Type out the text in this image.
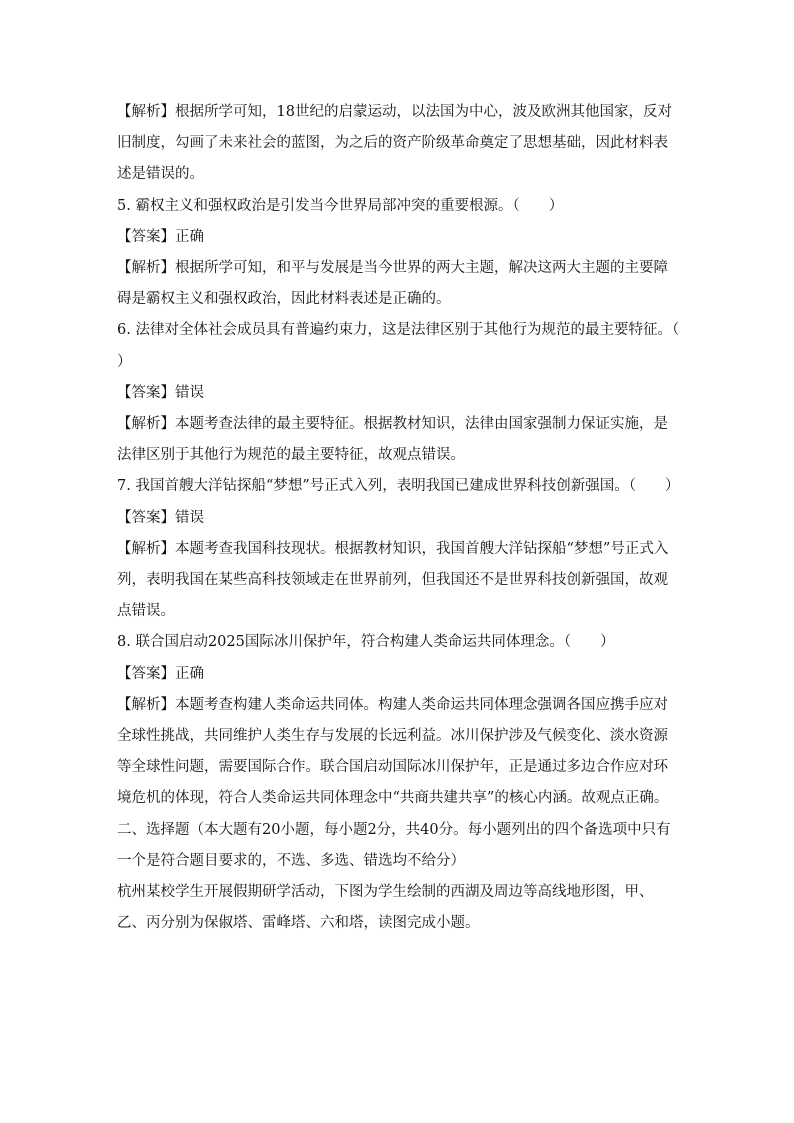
【解析】根据所学可知，18世纪的启蒙运动，以法国为中心，波及欧洲其他国家，反对旧制度，勾画了未来社会的蓝图，为之后的资产阶级革命奠定了思想基础，因此材料表述是错误的。

5. 霸权主义和强权政治是引发当今世界局部冲突的重要根源。（　　）

【答案】正确

【解析】根据所学可知，和平与发展是当今世界的两大主题，解决这两大主题的主要障碍是霸权主义和强权政治，因此材料表述是正确的。

6. 法律对全体社会成员具有普遍约束力，这是法律区别于其他行为规范的最主要特征。（　　）

【答案】错误

【解析】本题考查法律的最主要特征。根据教材知识，法律由国家强制力保证实施，是法律区别于其他行为规范的最主要特征，故观点错误。

7. 我国首艘大洋钻探船“梦想”号正式入列，表明我国已建成世界科技创新强国。（　　）

【答案】错误

【解析】本题考查我国科技现状。根据教材知识，我国首艘大洋钻探船“梦想”号正式入列，表明我国在某些高科技领域走在世界前列，但我国还不是世界科技创新强国，故观点错误。

8. 联合国启动2025国际冰川保护年，符合构建人类命运共同体理念。（　　）

【答案】正确

【解析】本题考查构建人类命运共同体。构建人类命运共同体理念强调各国应携手应对全球性挑战，共同维护人类生存与发展的长远利益。冰川保护涉及气候变化、淡水资源等全球性问题，需要国际合作。联合国启动国际冰川保护年，正是通过多边合作应对环境危机的体现，符合人类命运共同体理念中“共商共建共享”的核心内涵。故观点正确。

二、选择题（本大题有20小题，每小题2分，共40分。每小题列出的四个备选项中只有一个是符合题目要求的，不选、多选、错选均不给分）

杭州某校学生开展假期研学活动，下图为学生绘制的西湖及周边等高线地形图，甲、乙、丙分别为保俶塔、雷峰塔、六和塔，读图完成小题。
